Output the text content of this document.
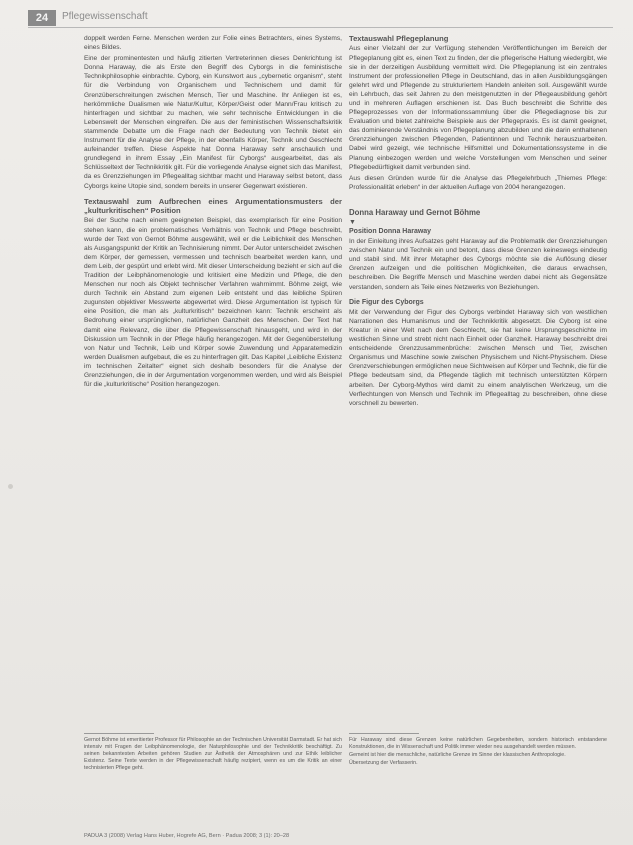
24	Pflegewissenschaft

doppelt werden Ferne. Menschen werden zur Folie eines Betrachters, eines Systems, eines Bildes.

Eine der prominentesten und häufig zitierten Vertreterinnen dieses Denkrichtung ist Donna Haraway, die als Erste den Begriff des Cyborgs in die feministische Technikphilosophie einbrachte. Cyborg, ein Kunstwort aus „cybernetic organism“, steht für die Verbindung von Organischem und Technischem und damit für Grenzüberschreitungen zwischen Mensch, Tier und Maschine. Ihr Anliegen ist es, herkömmliche Dualismen wie Natur/Kultur, Körper/Geist oder Mann/Frau kritisch zu hinterfragen und sichtbar zu machen, wie sehr technische Entwicklungen in die Lebenswelt der Menschen eingreifen. Die aus der feministischen Wissenschaftskritik stammende Debatte um die Frage nach der Bedeutung von Technik bietet ein Instrument für die Analyse der Pflege, in der ebenfalls Körper, Technik und Geschlecht aufeinander treffen. Diese Aspekte hat Donna Haraway sehr anschaulich und grundlegend in ihrem Essay „Ein Manifest für Cyborgs“ ausgearbeitet, das als Schlüsseltext der Technikkritik gilt. Für die vorliegende Analyse eignet sich das Manifest, da es Grenzziehungen im Pflegealltag sichtbar macht und Haraway selbst betont, dass Cyborgs keine Utopie sind, sondern bereits in unserer Gegenwart existieren.

Textauswahl zum Aufbrechen eines Argumentationsmusters der „kulturkritischen“ Position

Bei der Suche nach einem geeigneten Beispiel, das exemplarisch für eine Position stehen kann, die ein problematisches Verhältnis von Technik und Pflege beschreibt, wurde der Text von Gernot Böhme ausgewählt, weil er die Leiblichkeit des Menschen als Ausgangspunkt der Kritik an Technisierung nimmt. Der Autor unterscheidet zwischen dem Körper, der gemessen, vermessen und technisch bearbeitet werden kann, und dem Leib, der gespürt und erlebt wird. Mit dieser Unterscheidung bezieht er sich auf die Tradition der Leibphänomenologie und kritisiert eine Medizin und Pflege, die den Menschen nur noch als Objekt technischer Verfahren wahrnimmt. Böhme zeigt, wie durch Technik ein Abstand zum eigenen Leib entsteht und das leibliche Spüren zugunsten objektiver Messwerte abgewertet wird. Diese Argumentation ist typisch für eine Position, die man als „kulturkritisch“ bezeichnen kann: Technik erscheint als Bedrohung einer ursprünglichen, natürlichen Ganzheit des Menschen. Der Text hat damit eine Relevanz, die über die Pflegewissenschaft hinausgeht, und wird in der Diskussion um Technik in der Pflege häufig herangezogen. Mit der Gegenüberstellung von Natur und Technik, Leib und Körper sowie Zuwendung und Apparatemedizin werden Dualismen aufgebaut, die es zu hinterfragen gilt. Das Kapitel „Leibliche Existenz im technischen Zeitalter“ eignet sich deshalb besonders für die Analyse der Grenzziehungen, die in der Argumentation vorgenommen werden, und wird als Beispiel für die „kulturkritische“ Position herangezogen.

Textauswahl Pflegeplanung

Aus einer Vielzahl der zur Verfügung stehenden Veröffentlichungen im Bereich der Pflegeplanung gibt es, einen Text zu finden, der die pflegerische Haltung wiedergibt, wie sie in der derzeitigen Ausbildung vermittelt wird. Die Pflegeplanung ist ein zentrales Instrument der professionellen Pflege in Deutschland, das in allen Ausbildungsgängen gelehrt wird und Pflegende zu strukturiertem Handeln anleiten soll. Ausgewählt wurde ein Lehrbuch, das seit Jahren zu den meistgenutzten in der Pflegeausbildung gehört und in mehreren Auflagen erschienen ist. Das Buch beschreibt die Schritte des Pflegeprozesses von der Informationssammlung über die Pflegediagnose bis zur Evaluation und bietet zahlreiche Beispiele aus der Pflegepraxis. Es ist damit geeignet, das dominierende Verständnis von Pflegeplanung abzubilden und die darin enthaltenen Grenzziehungen zwischen Pflegenden, Patientinnen und Technik herauszuarbeiten. Dabei wird gezeigt, wie technische Hilfsmittel und Dokumentationssysteme in die Planung einbezogen werden und welche Vorstellungen vom Menschen und seiner Pflegebedürftigkeit damit verbunden sind.

Aus diesen Gründen wurde für die Analyse das Pflegelehrbuch „Thiemes Pflege: Professionalität erleben“ in der aktuellen Auflage von 2004 herangezogen.

Donna Haraway und Gernot Böhme

▼

Position Donna Haraway

In der Einleitung ihres Aufsatzes geht Haraway auf die Problematik der Grenzziehungen zwischen Natur und Technik ein und betont, dass diese Grenzen keineswegs eindeutig und stabil sind. Mit ihrer Metapher des Cyborgs möchte sie die Auflösung dieser Grenzen aufzeigen und die politischen Möglichkeiten, die daraus erwachsen, beschreiben. Die Begriffe Mensch und Maschine werden dabei nicht als Gegensätze verstanden, sondern als Teile eines Netzwerks von Beziehungen.

Die Figur des Cyborgs

Mit der Verwendung der Figur des Cyborgs verbindet Haraway sich von westlichen Narrationen des Humanismus und der Technikkritik abgesetzt. Die Cyborg ist eine Kreatur in einer Welt nach dem Geschlecht, sie hat keine Ursprungsgeschichte im westlichen Sinne und strebt nicht nach Einheit oder Ganzheit. Haraway beschreibt drei entscheidende Grenzzusammenbrüche: zwischen Mensch und Tier, zwischen Organismus und Maschine sowie zwischen Physischem und Nicht-Physischem. Diese Grenzverschiebungen ermöglichen neue Sichtweisen auf Körper und Technik, die für die Pflege bedeutsam sind, da Pflegende täglich mit technisch unterstützten Körpern arbeiten. Der Cyborg-Mythos wird damit zu einem analytischen Werkzeug, um die Verflechtungen von Mensch und Technik im Pflegealltag zu beschreiben, ohne diese vorschnell zu bewerten.

Gernot Böhme ist emeritierter Professor für Philosophie an der Technischen Universität Darmstadt. Er hat sich intensiv mit Fragen der Leibphänomenologie, der Naturphilosophie und der Technikkritik beschäftigt. Zu seinen bekanntesten Arbeiten gehören Studien zur Ästhetik der Atmosphären und zur Ethik leiblicher Existenz. Seine Texte werden in der Pflegewissenschaft häufig rezipiert, wenn es um die Kritik an einer technisierten Pflege geht.

Für Haraway sind diese Grenzen keine natürlichen Gegebenheiten, sondern historisch entstandene Konstruktionen, die in Wissenschaft und Politik immer wieder neu ausgehandelt werden müssen.

Gemeint ist hier die menschliche, natürliche Grenze im Sinne der klassischen Anthropologie.

Übersetzung der Verfasserin.

PADUA 3 (2008) Verlag Hans Huber, Hogrefe AG, Bern · Padua 2008; 3 (1): 20–28
